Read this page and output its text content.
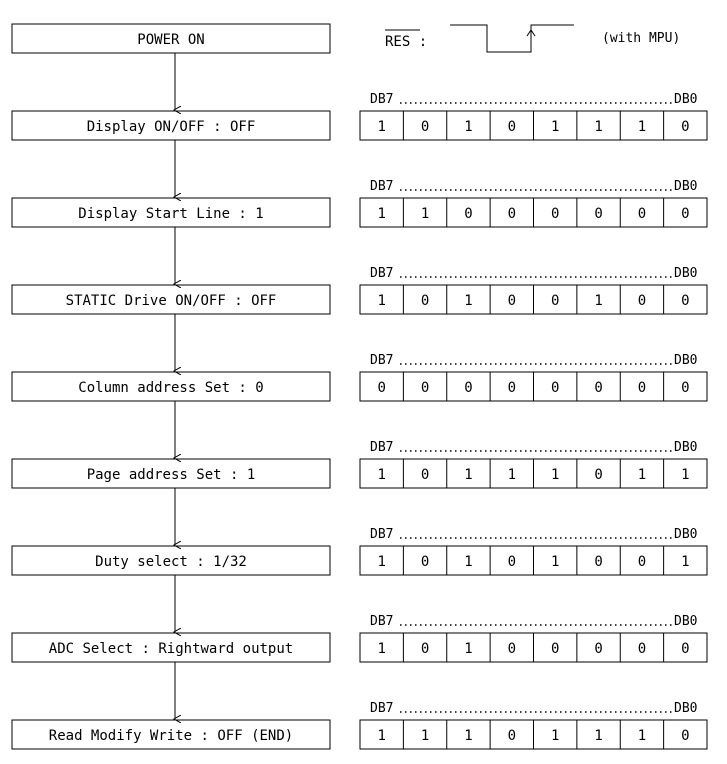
RES :	(with MPU)
POWER ON
Display ON/OFF : OFF
DB7	DB0
1 0 1 0 1 1 1 0
Display Start Line : 1
DB7	DB0
1 1 0 0 0 0 0 0
STATIC Drive ON/OFF : OFF
DB7	DB0
1 0 1 0 0 1 0 0
Column address Set : 0
DB7	DB0
0 0 0 0 0 0 0 0
Page address Set : 1
DB7	DB0
1 0 1 1 1 0 1 1
Duty select : 1/32
DB7	DB0
1 0 1 0 1 0 0 1
ADC Select : Rightward output
DB7	DB0
1 0 1 0 0 0 0 0
Read Modify Write : OFF (END)
DB7	DB0
1 1 1 0 1 1 1 0
